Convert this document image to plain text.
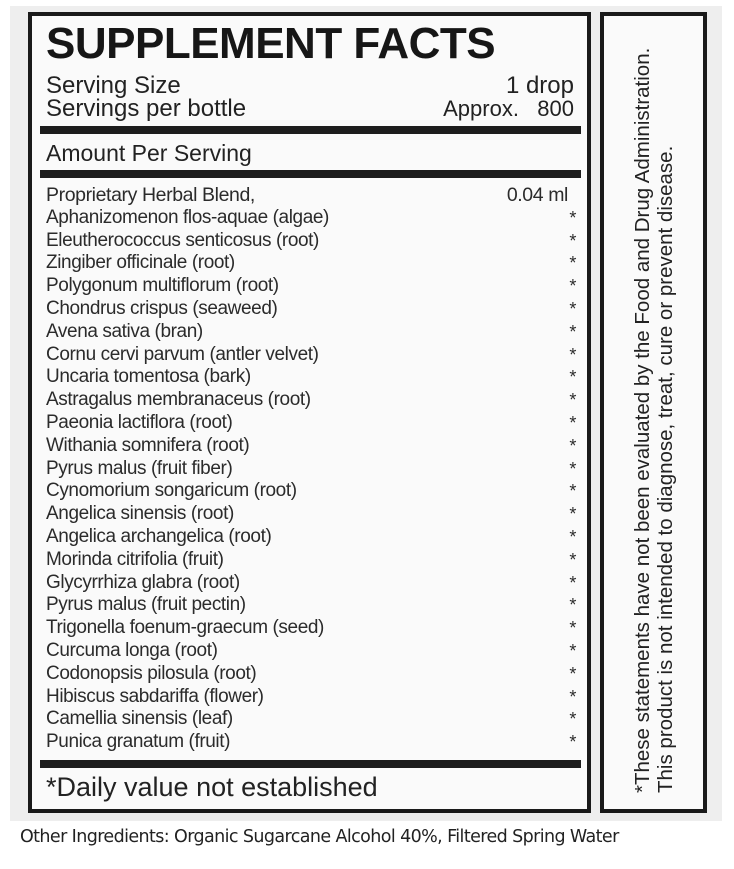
SUPPLEMENT FACTS
Serving Size	1 drop
Servings per bottle	Approx.   800
Amount Per Serving
Proprietary Herbal Blend,	0.04 ml
Aphanizomenon flos-aquae (algae)	*
Eleutherococcus senticosus (root)	*
Zingiber officinale (root)	*
Polygonum multiflorum (root)	*
Chondrus crispus (seaweed)	*
Avena sativa (bran)	*
Cornu cervi parvum (antler velvet)	*
Uncaria tomentosa (bark)	*
Astragalus membranaceus (root)	*
Paeonia lactiflora (root)	*
Withania somnifera (root)	*
Pyrus malus (fruit fiber)	*
Cynomorium songaricum (root)	*
Angelica sinensis (root)	*
Angelica archangelica (root)	*
Morinda citrifolia (fruit)	*
Glycyrrhiza glabra (root)	*
Pyrus malus (fruit pectin)	*
Trigonella foenum-graecum (seed)	*
Curcuma longa (root)	*
Codonopsis pilosula (root)	*
Hibiscus sabdariffa (flower)	*
Camellia sinensis (leaf)	*
Punica granatum (fruit)	*
*Daily value not established	*These statements have not been evaluated by the Food and Drug Administration. This product is not intended to diagnose, treat, cure or prevent disease.
Other Ingredients: Organic Sugarcane Alcohol 40%, Filtered Spring Water
